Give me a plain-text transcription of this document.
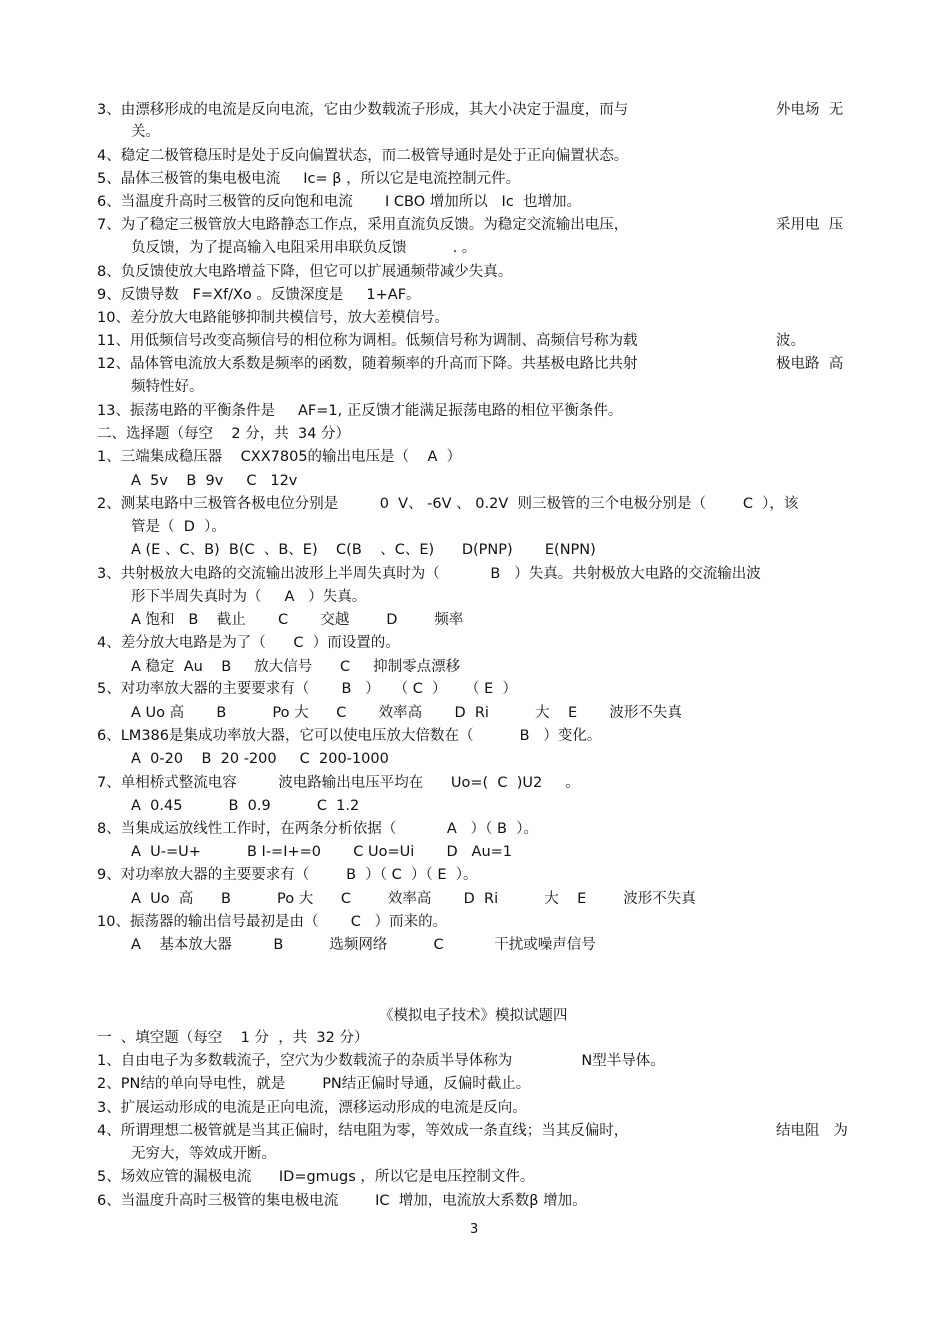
3、由漂移形成的电流是反向电流，它由少数载流子形成，其大小决定于温度，而与	外电场  无
关。
4、稳定二极管稳压时是处于反向偏置状态，而二极管导通时是处于正向偏置状态。
5、晶体三极管的集电极电流     Ic= β ，所以它是电流控制元件。
6、当温度升高时三极管的反向饱和电流       I CBO 增加所以   Ic  也增加。
7、为了稳定三极管放大电路静态工作点，采用直流负反馈。为稳定交流输出电压，	采用电  压
负反馈，为了提高输入电阻采用串联负反馈          . 。
8、负反馈使放大电路增益下降，但它可以扩展通频带减少失真。
9、反馈导数   F=Xf/Xo 。反馈深度是     1+AF。
10、差分放大电路能够抑制共模信号，放大差模信号。
11、用低频信号改变高频信号的相位称为调相。低频信号称为调制、高频信号称为载	波。
12、晶体管电流放大系数是频率的函数，随着频率的升高而下降。共基极电路比共射	极电路  高
频特性好。
13、振荡电路的平衡条件是     AF=1, 正反馈才能满足振荡电路的相位平衡条件。
二、选择题（每空    2 分，共  34 分）
1、三端集成稳压器    CXX7805的输出电压是（    A  ）
A  5v    B  9v     C   12v
2、测某电路中三极管各极电位分别是         0  V、 -6V 、 0.2V  则三极管的三个电极分别是（        C  ），该
管是（  D  ）。
A (E 、C、B)  B(C  、B、E)    C(B    、C、E)      D(PNP)       E(NPN)
3、共射极放大电路的交流输出波形上半周失真时为（           B   ）失真。共射极放大电路的交流输出波
形下半周失真时为（     A   ）失真。
A 饱和   B    截止       C       交越        D        频率
4、差分放大电路是为了（      C  ）而设置的。
A 稳定  Au    B     放大信号      C     抑制零点漂移
5、对功率放大器的主要要求有（       B   ）   （ C  ）    （ E  ）
A Uo 高       B          Po 大      C       效率高       D  Ri          大    E       波形不失真
6、LM386是集成功率放大器，它可以使电压放大倍数在（          B   ）变化。
A  0-20    B  20 -200     C  200-1000
7、单相桥式整流电容         波电路输出电压平均在      Uo=(  C  )U2     。
A  0.45          B  0.9          C  1.2
8、当集成运放线性工作时，在两条分析依据（           A   ）（ B  ）。
A  U-=U+          B I-=I+=0       C Uo=Ui       D   Au=1
9、对功率放大器的主要要求有（        B  ）（ C  ）（ E  ）。
A  Uo  高      B          Po 大      C        效率高       D  Ri          大    E        波形不失真
10、振荡器的输出信号最初是由（       C   ）而来的。
A    基本放大器         B          选频网络          C           干扰或噪声信号
《模拟电子技术》模拟试题四
一  、填空题（每空    1 分  ，共  32 分）
1、自由电子为多数载流子，空穴为少数载流子的杂质半导体称为               N型半导体。
2、PN结的单向导电性，就是        PN结正偏时导通，反偏时截止。
3、扩展运动形成的电流是正向电流，漂移运动形成的电流是反向。
4、所谓理想二极管就是当其正偏时，结电阻为零，等效成一条直线；当其反偏时，	结电阻   为
无穷大，等效成开断。
5、场效应管的漏极电流      ID=gmugs ，所以它是电压控制文件。
6、当温度升高时三极管的集电极电流        IC  增加，电流放大系数β 增加。
3
